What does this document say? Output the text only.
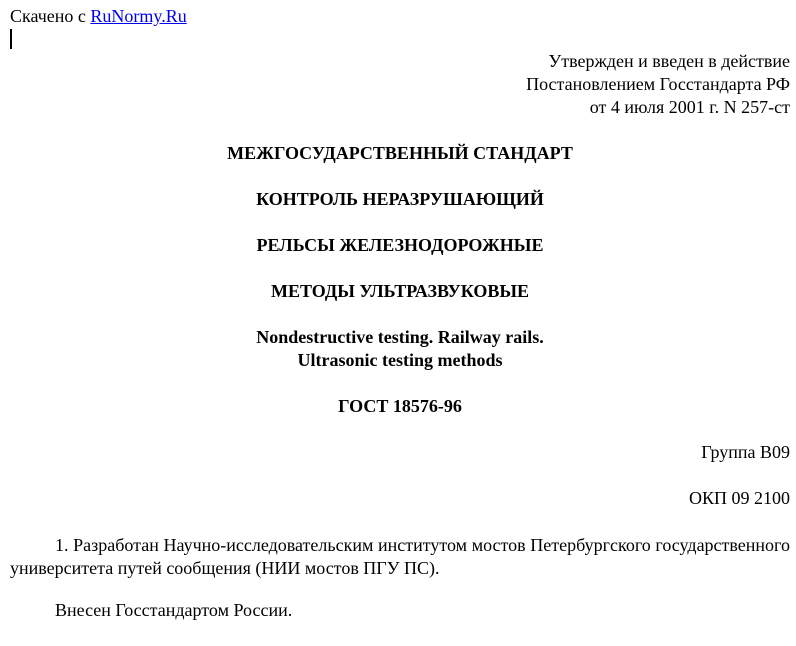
Скачено с RuNormy.Ru
Утвержден и введен в действие
Постановлением Госстандарта РФ
от 4 июля 2001 г. N 257-ст
МЕЖГОСУДАРСТВЕННЫЙ СТАНДАРТ
КОНТРОЛЬ НЕРАЗРУШАЮЩИЙ
РЕЛЬСЫ ЖЕЛЕЗНОДОРОЖНЫЕ
МЕТОДЫ УЛЬТРАЗВУКОВЫЕ
Nondestructive testing. Railway rails.
Ultrasonic testing methods
ГОСТ 18576-96
Группа В09
ОКП 09 2100
1. Разработан Научно-исследовательским институтом мостов Петербургского государственного университета путей сообщения (НИИ мостов ПГУ ПС).
Внесен Госстандартом России.
